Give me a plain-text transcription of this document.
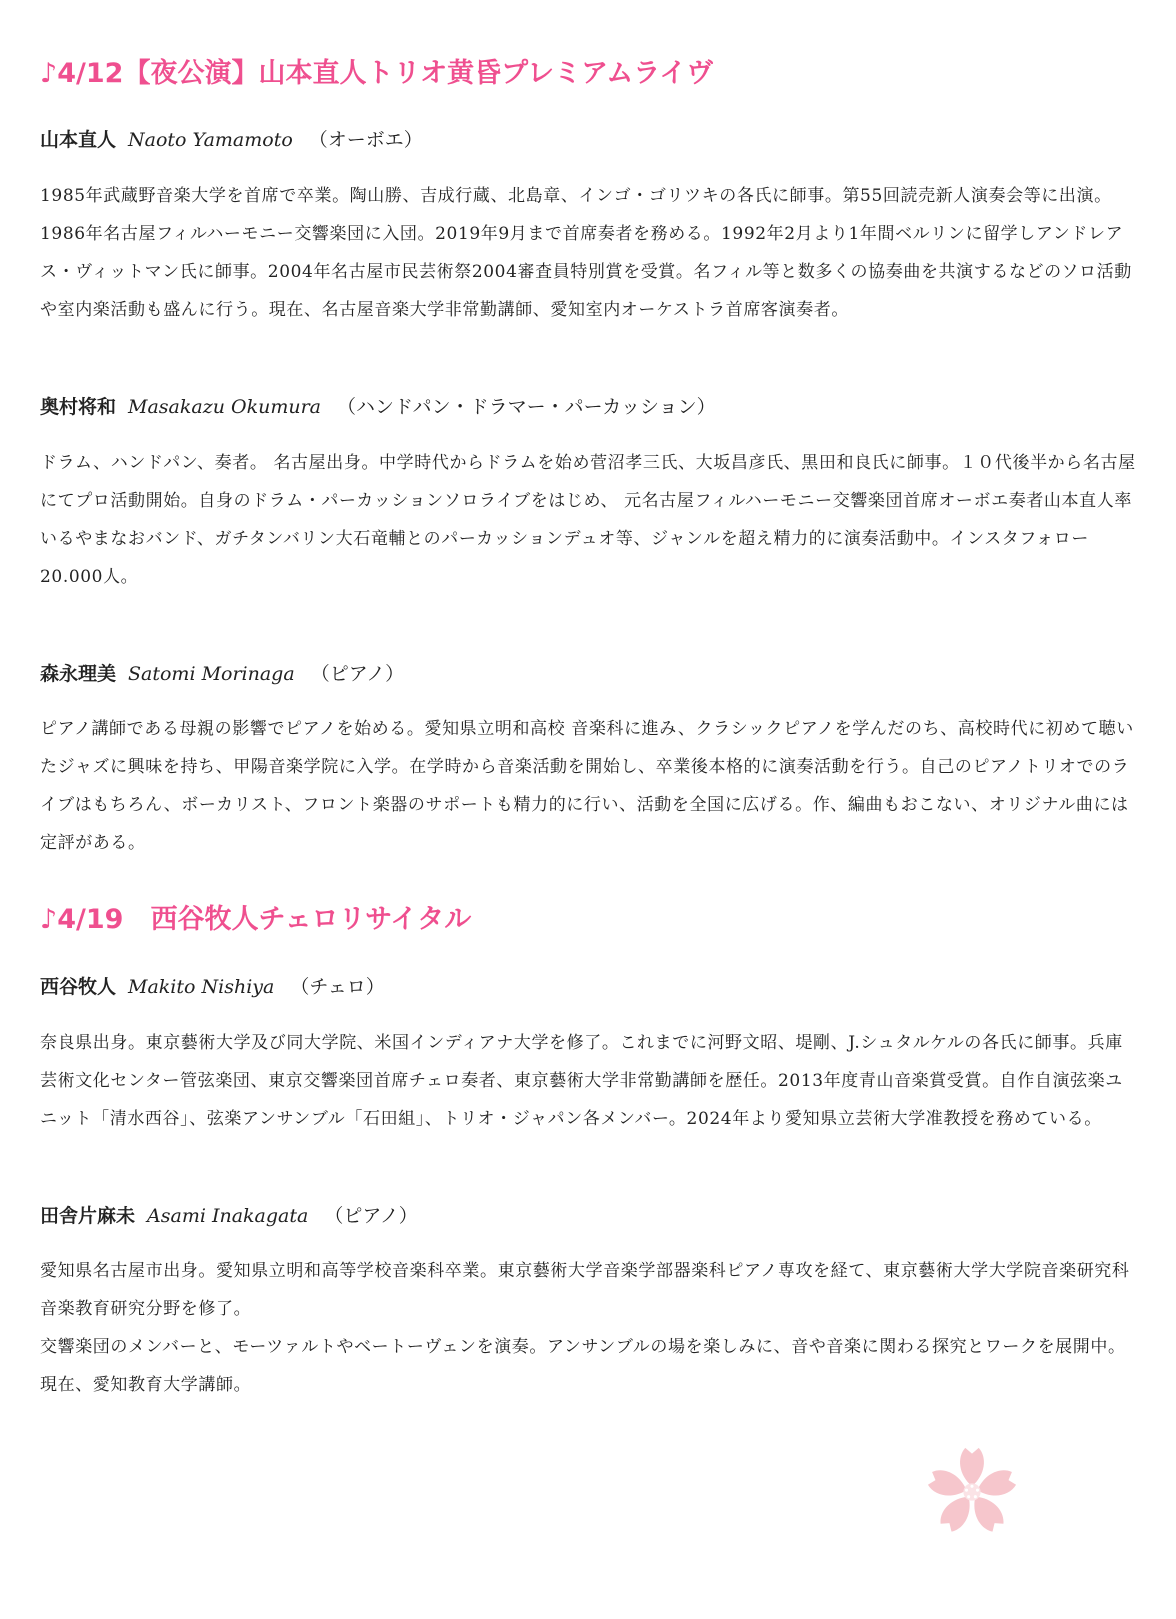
♪4/12【夜公演】山本直人トリオ黄昏プレミアムライヴ
山本直人 Naoto Yamamoto （オーボエ）

1985年武蔵野音楽大学を首席で卒業。陶山勝、吉成行蔵、北島章、インゴ・ゴリツキの各氏に師事。第55回読売新人演奏会等に出演。1986年名古屋フィルハーモニー交響楽団に入団。2019年9月まで首席奏者を務める。1992年2月より1年間ベルリンに留学しアンドレアス・ヴィットマン氏に師事。2004年名古屋市民芸術祭2004審査員特別賞を受賞。名フィル等と数多くの協奏曲を共演するなどのソロ活動や室内楽活動も盛んに行う。現在、名古屋音楽大学非常勤講師、愛知室内オーケストラ首席客演奏者。

奥村将和 Masakazu Okumura （ハンドパン・ドラマー・パーカッション）

ドラム、ハンドパン、奏者。 名古屋出身。中学時代からドラムを始め菅沼孝三氏、大坂昌彦氏、黒田和良氏に師事。１０代後半から名古屋にてプロ活動開始。自身のドラム・パーカッションソロライブをはじめ、 元名古屋フィルハーモニー交響楽団首席オーボエ奏者山本直人率いるやまなおバンド、ガチタンバリン大石竜輔とのパーカッションデュオ等、ジャンルを超え精力的に演奏活動中。インスタフォロー20.000人。

森永理美 Satomi Morinaga （ピアノ）

ピアノ講師である母親の影響でピアノを始める。愛知県立明和高校 音楽科に進み、クラシックピアノを学んだのち、高校時代に初めて聴いたジャズに興味を持ち、甲陽音楽学院に入学。在学時から音楽活動を開始し、卒業後本格的に演奏活動を行う。自己のピアノトリオでのライブはもちろん、ボーカリスト、フロント楽器のサポートも精力的に行い、活動を全国に広げる。作、編曲もおこない、オリジナル曲には定評がある。

♪4/19　西谷牧人チェロリサイタル
西谷牧人 Makito Nishiya （チェロ）

奈良県出身。東京藝術大学及び同大学院、米国インディアナ大学を修了。これまでに河野文昭、堤剛、J.シュタルケルの各氏に師事。兵庫芸術文化センター管弦楽団、東京交響楽団首席チェロ奏者、東京藝術大学非常勤講師を歴任。2013年度青山音楽賞受賞。自作自演弦楽ユニット「清水西谷」、弦楽アンサンブル「石田組」、トリオ・ジャパン各メンバー。2024年より愛知県立芸術大学准教授を務めている。

田舎片麻未 Asami Inakagata （ピアノ）

愛知県名古屋市出身。愛知県立明和高等学校音楽科卒業。東京藝術大学音楽学部器楽科ピアノ専攻を経て、東京藝術大学大学院音楽研究科音楽教育研究分野を修了。

交響楽団のメンバーと、モーツァルトやベートーヴェンを演奏。アンサンブルの場を楽しみに、音や音楽に関わる探究とワークを展開中。現在、愛知教育大学講師。
